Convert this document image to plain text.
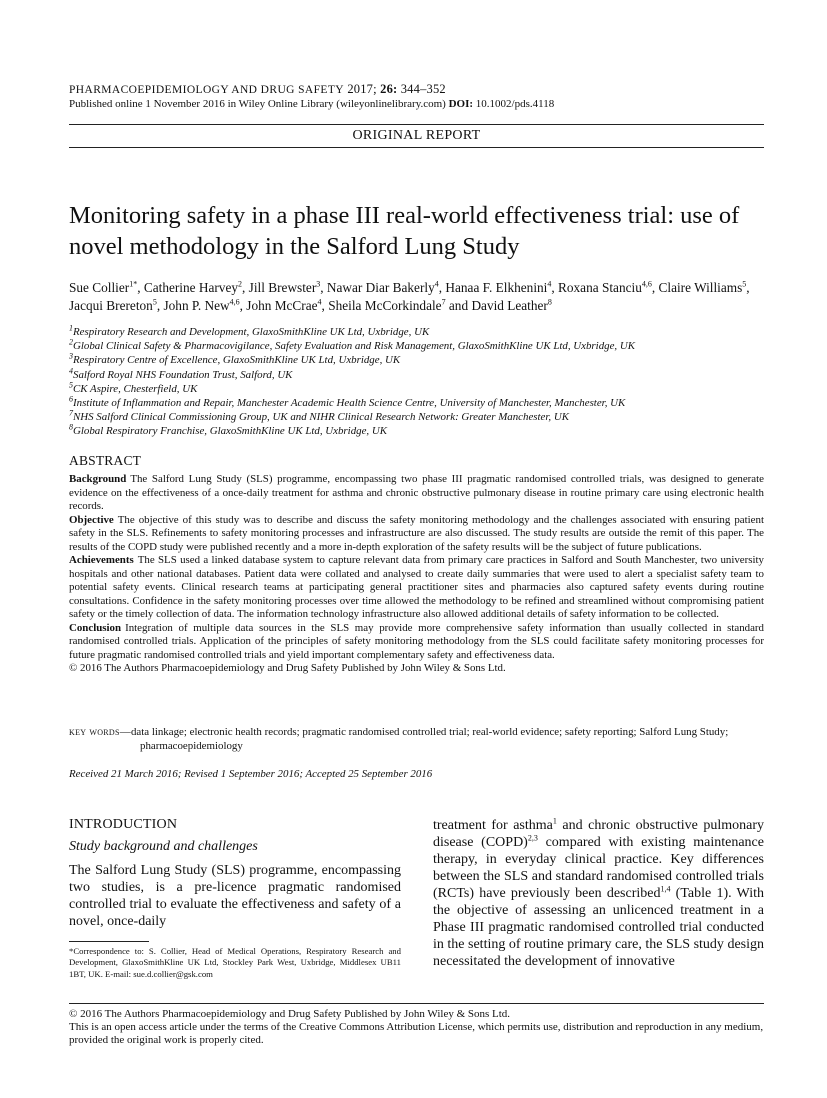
PHARMACOEPIDEMIOLOGY AND DRUG SAFETY 2017; 26: 344–352
Published online 1 November 2016 in Wiley Online Library (wileyonlinelibrary.com) DOI: 10.1002/pds.4118
ORIGINAL REPORT
Monitoring safety in a phase III real-world effectiveness trial: use of novel methodology in the Salford Lung Study
Sue Collier$^{1*}$, Catherine Harvey$^2$, Jill Brewster$^3$, Nawar Diar Bakerly$^4$, Hanaa F. Elkhenini$^4$, Roxana Stanciu$^{4,6}$, Claire Williams$^5$, Jacqui Brereton$^5$, John P. New$^{4,6}$, John McCrae$^4$, Sheila McCorkindale$^7$ and David Leather$^8$
$^1$Respiratory Research and Development, GlaxoSmithKline UK Ltd, Uxbridge, UK
$^2$Global Clinical Safety & Pharmacovigilance, Safety Evaluation and Risk Management, GlaxoSmithKline UK Ltd, Uxbridge, UK
$^3$Respiratory Centre of Excellence, GlaxoSmithKline UK Ltd, Uxbridge, UK
$^4$Salford Royal NHS Foundation Trust, Salford, UK
$^5$CK Aspire, Chesterfield, UK
$^6$Institute of Inflammation and Repair, Manchester Academic Health Science Centre, University of Manchester, Manchester, UK
$^7$NHS Salford Clinical Commissioning Group, UK and NIHR Clinical Research Network: Greater Manchester, UK
$^8$Global Respiratory Franchise, GlaxoSmithKline UK Ltd, Uxbridge, UK
ABSTRACT

Background The Salford Lung Study (SLS) programme, encompassing two phase III pragmatic randomised controlled trials, was designed to generate evidence on the effectiveness of a once-daily treatment for asthma and chronic obstructive pulmonary disease in routine primary care using electronic health records.

Objective The objective of this study was to describe and discuss the safety monitoring methodology and the challenges associated with ensuring patient safety in the SLS. Refinements to safety monitoring processes and infrastructure are also discussed. The study results are outside the remit of this paper. The results of the COPD study were published recently and a more in-depth exploration of the safety results will be the subject of future publications.

Achievements The SLS used a linked database system to capture relevant data from primary care practices in Salford and South Manchester, two university hospitals and other national databases. Patient data were collated and analysed to create daily summaries that were used to alert a specialist safety team to potential safety events. Clinical research teams at participating general practitioner sites and pharmacies also captured safety events during routine consultations. Confidence in the safety monitoring processes over time allowed the methodology to be refined and streamlined without compromising patient safety or the timely collection of data. The information technology infrastructure also allowed additional details of safety information to be collected.

Conclusion Integration of multiple data sources in the SLS may provide more comprehensive safety information than usually collected in standard randomised controlled trials. Application of the principles of safety monitoring methodology from the SLS could facilitate safety monitoring processes for future pragmatic randomised controlled trials and yield important complementary safety and effectiveness data.

© 2016 The Authors Pharmacoepidemiology and Drug Safety Published by John Wiley & Sons Ltd.

key words—data linkage; electronic health records; pragmatic randomised controlled trial; real-world evidence; safety reporting; Salford Lung Study; pharmacoepidemiology
Received 21 March 2016; Revised 1 September 2016; Accepted 25 September 2016
INTRODUCTION
Study background and challenges
The Salford Lung Study (SLS) programme, encompassing two studies, is a pre-licence pragmatic randomised controlled trial to evaluate the effectiveness and safety of a novel, once-daily
treatment for asthma$^1$ and chronic obstructive pulmonary disease (COPD)$^{2,3}$ compared with existing maintenance therapy, in everyday clinical practice. Key differences between the SLS and standard randomised controlled trials (RCTs) have previously been described$^{1,4}$ (Table 1). With the objective of assessing an unlicenced treatment in a Phase III pragmatic randomised controlled trial conducted in the setting of routine primary care, the SLS study design necessitated the development of innovative
*Correspondence to: S. Collier, Head of Medical Operations, Respiratory Research and Development, GlaxoSmithKline UK Ltd, Stockley Park West, Uxbridge, Middlesex UB11 1BT, UK. E-mail: sue.d.collier@gsk.com
© 2016 The Authors Pharmacoepidemiology and Drug Safety Published by John Wiley & Sons Ltd.
This is an open access article under the terms of the Creative Commons Attribution License, which permits use, distribution and reproduction in any medium, provided the original work is properly cited.
